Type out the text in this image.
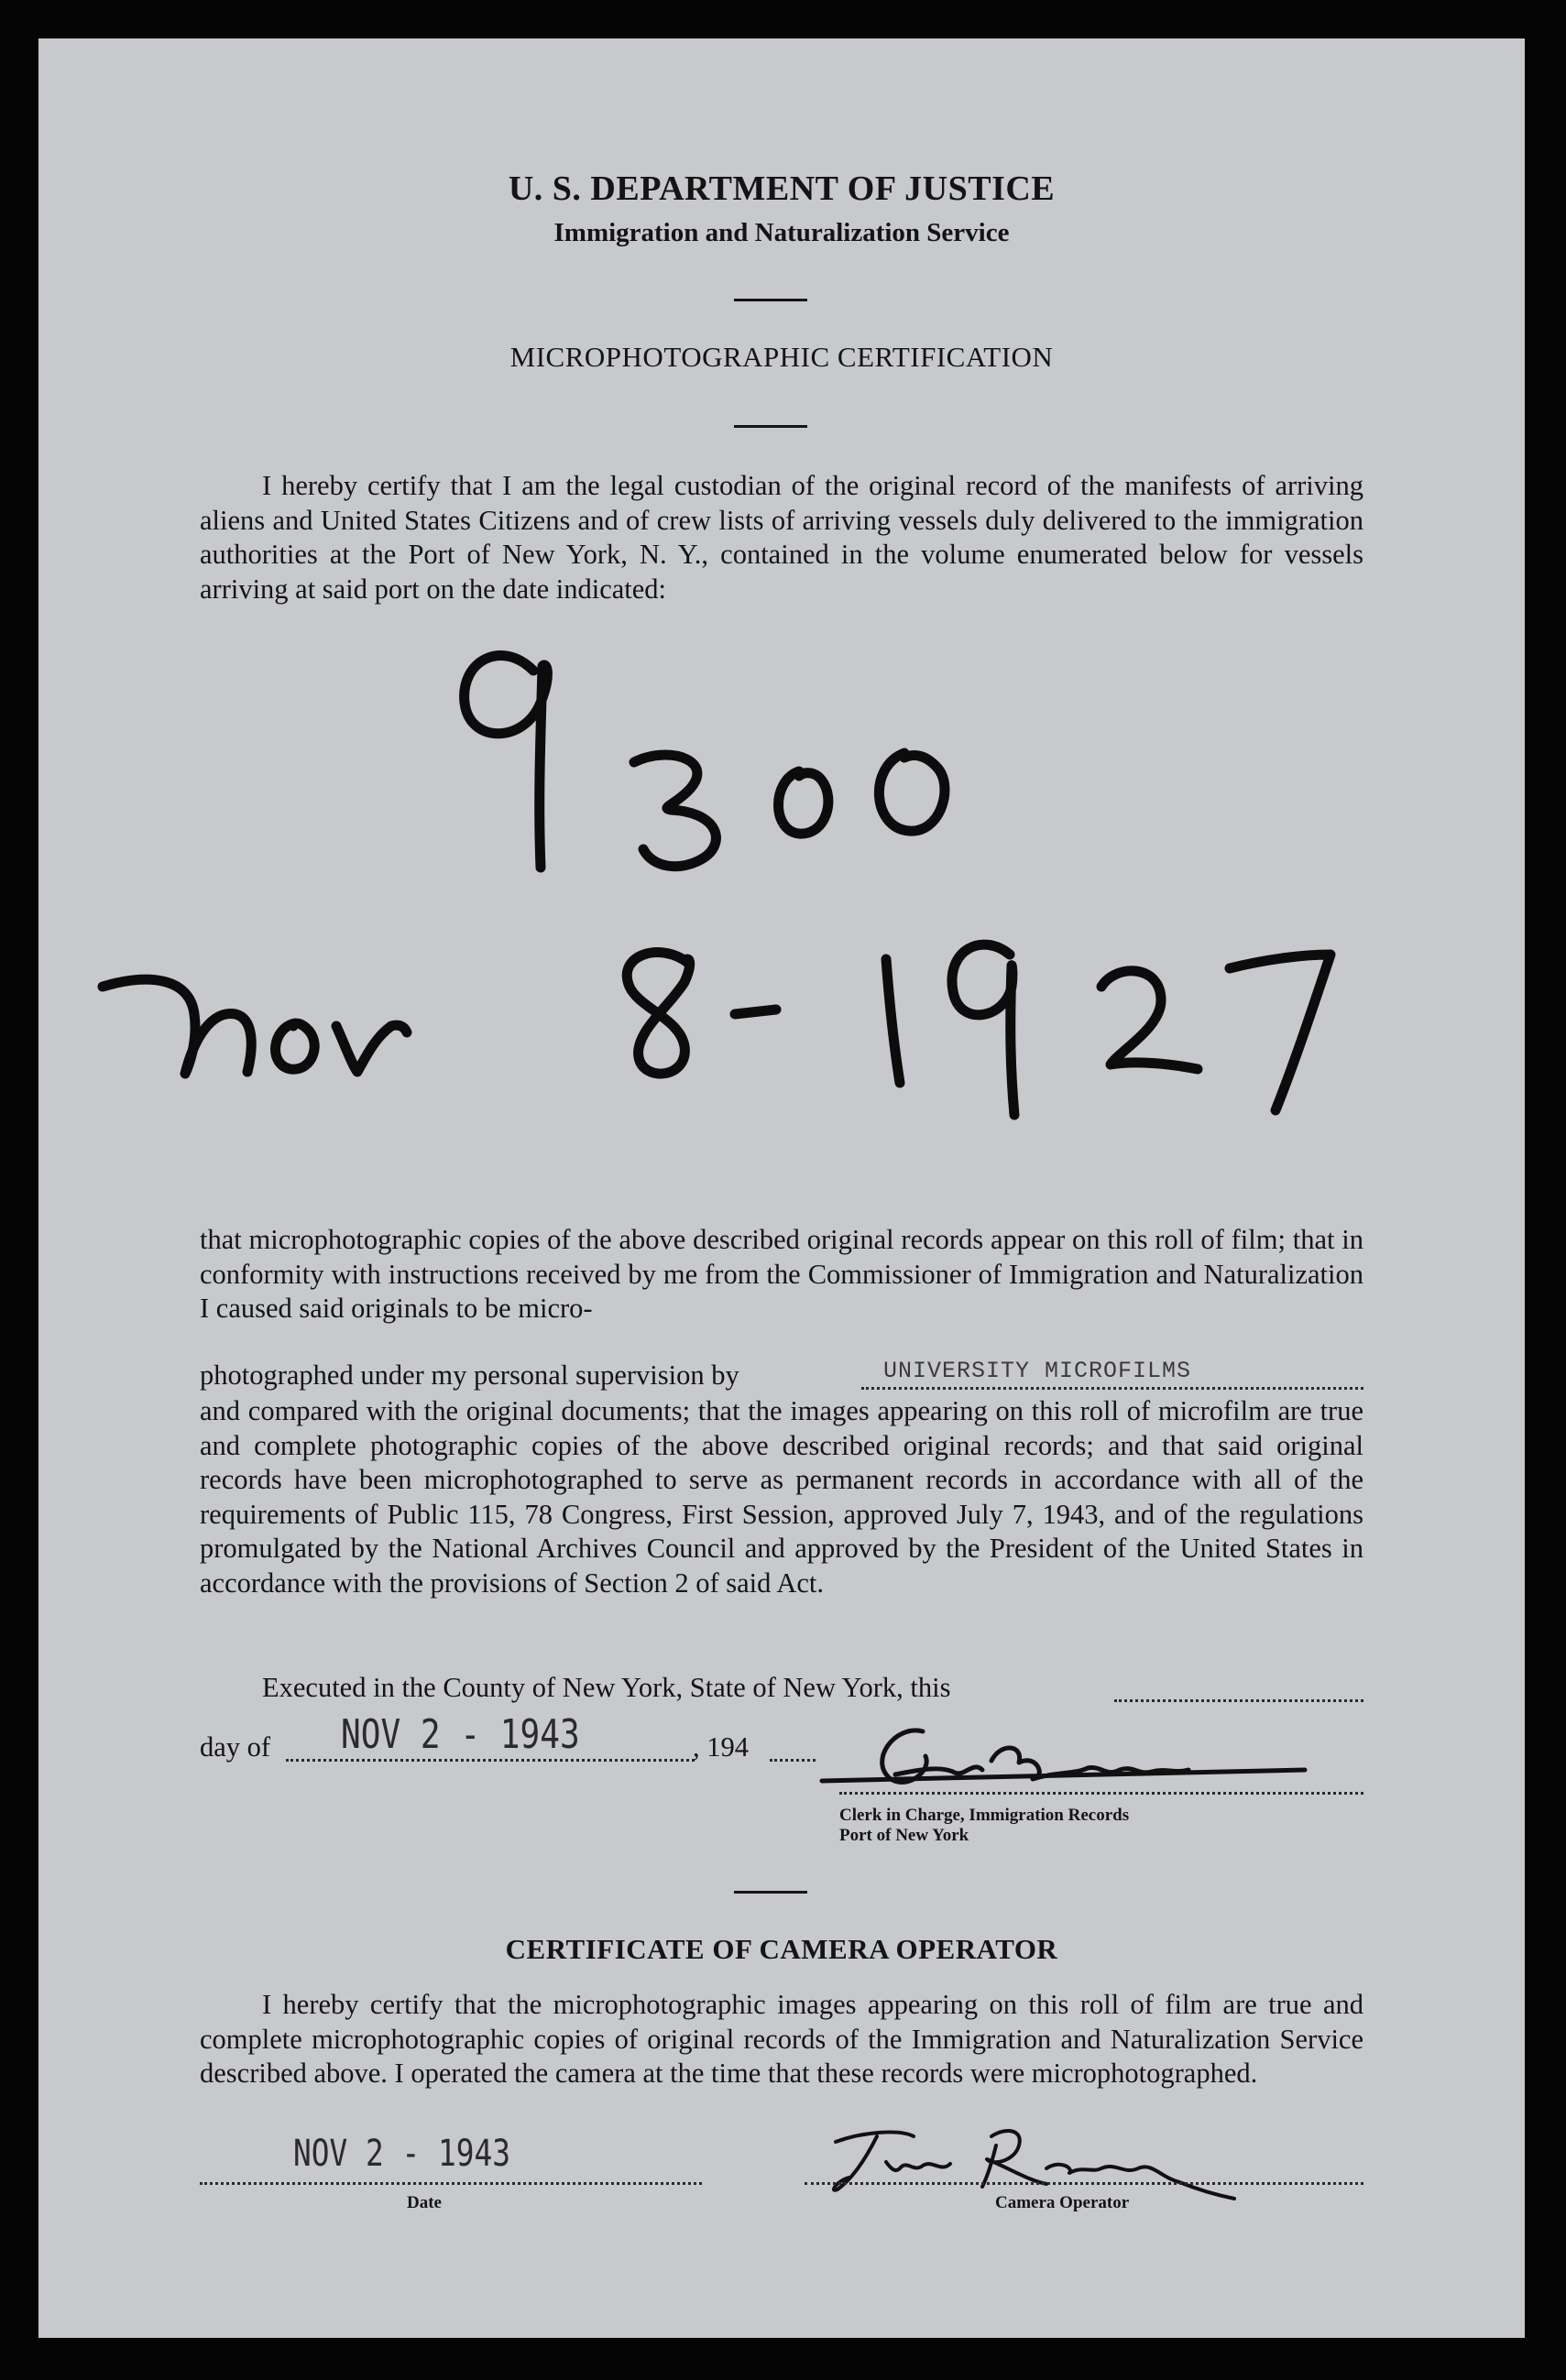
U. S. DEPARTMENT OF JUSTICE
Immigration and Naturalization Service
MICROPHOTOGRAPHIC CERTIFICATION

I hereby certify that I am the legal custodian of the original record of the manifests of arriving aliens and United States Citizens and of crew lists of arriving vessels duly delivered to the immigration authorities at the Port of New York, N. Y., contained in the volume enumerated below for vessels arriving at said port on the date indicated:

that microphotographic copies of the above described original records appear on this roll of film; that in conformity with instructions received by me from the Commissioner of Immigration and Naturalization I caused said originals to be micro-

photographed under my personal supervision by	UNIVERSITY MICROFILMS

and compared with the original documents; that the images appearing on this roll of microfilm are true and complete photographic copies of the above described original records; and that said original records have been microphotographed to serve as permanent records in accordance with all of the requirements of Public 115, 78 Congress, First Session, approved July 7, 1943, and of the regulations promulgated by the National Archives Council and approved by the President of the United States in accordance with the provisions of Section 2 of said Act.

Executed in the County of New York, State of New York, this
day of NOV 2 - 1943	, 194
Clerk in Charge, Immigration Records
Port of New York
CERTIFICATE OF CAMERA OPERATOR

I hereby certify that the microphotographic images appearing on this roll of film are true and complete microphotographic copies of original records of the Immigration and Naturalization Service described above. I operated the camera at the time that these records were microphotographed.

NOV 2 - 1943
Date	Camera Operator
